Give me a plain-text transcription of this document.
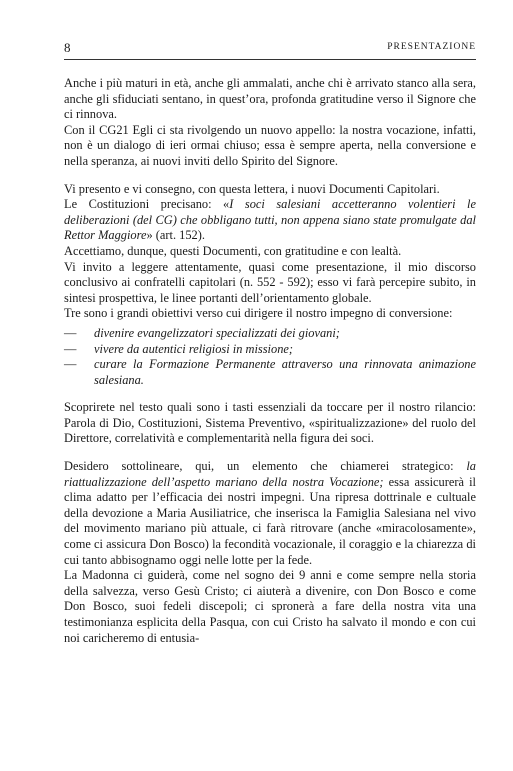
8	PRESENTAZIONE

Anche i più maturi in età, anche gli ammalati, anche chi è arrivato stanco alla sera, anche gli sfiduciati sentano, in quest’ora, profonda gratitudine verso il Signore che ci rinnova.

Con il CG21 Egli ci sta rivolgendo un nuovo appello: la nostra vocazione, infatti, non è un dialogo di ieri ormai chiuso; essa è sempre aperta, nella conversione e nella speranza, ai nuovi inviti dello Spirito del Signore.

Vi presento e vi consegno, con questa lettera, i nuovi Documenti Capitolari.

Le Costituzioni precisano: «I soci salesiani accetteranno volentieri le deliberazioni (del CG) che obbligano tutti, non appena siano state promulgate dal Rettor Maggiore» (art. 152).

Accettiamo, dunque, questi Documenti, con gratitudine e con lealtà.

Vi invito a leggere attentamente, quasi come presentazione, il mio discorso conclusivo ai confratelli capitolari (n. 552 - 592); esso vi farà percepire subito, in sintesi prospettiva, le linee portanti dell’orientamento globale.

Tre sono i grandi obiettivi verso cui dirigere il nostro impegno di conversione:

— divenire evangelizzatori specializzati dei giovani;
— vivere da autentici religiosi in missione;
— curare la Formazione Permanente attraverso una rinnovata animazione salesiana.

Scoprirete nel testo quali sono i tasti essenziali da toccare per il nostro rilancio: Parola di Dio, Costituzioni, Sistema Preventivo, «spiritualizzazione» del ruolo del Direttore, correlatività e complementarità nella figura dei soci.

Desidero sottolineare, qui, un elemento che chiamerei strategico: la riattualizzazione dell’aspetto mariano della nostra Vocazione; essa assicurerà il clima adatto per l’efficacia dei nostri impegni. Una ripresa dottrinale e cultuale della devozione a Maria Ausiliatrice, che inserisca la Famiglia Salesiana nel vivo del movimento mariano più attuale, ci farà ritrovare (anche «miracolosamente», come ci assicura Don Bosco) la fecondità vocazionale, il coraggio e la chiarezza di cui tanto abbisognamo oggi nelle lotte per la fede.

La Madonna ci guiderà, come nel sogno dei 9 anni e come sempre nella storia della salvezza, verso Gesù Cristo; ci aiuterà a divenire, con Don Bosco e come Don Bosco, suoi fedeli discepoli; ci spronerà a fare della nostra vita una testimonianza esplicita della Pasqua, con cui Cristo ha salvato il mondo e con cui noi caricheremo di entusia-
